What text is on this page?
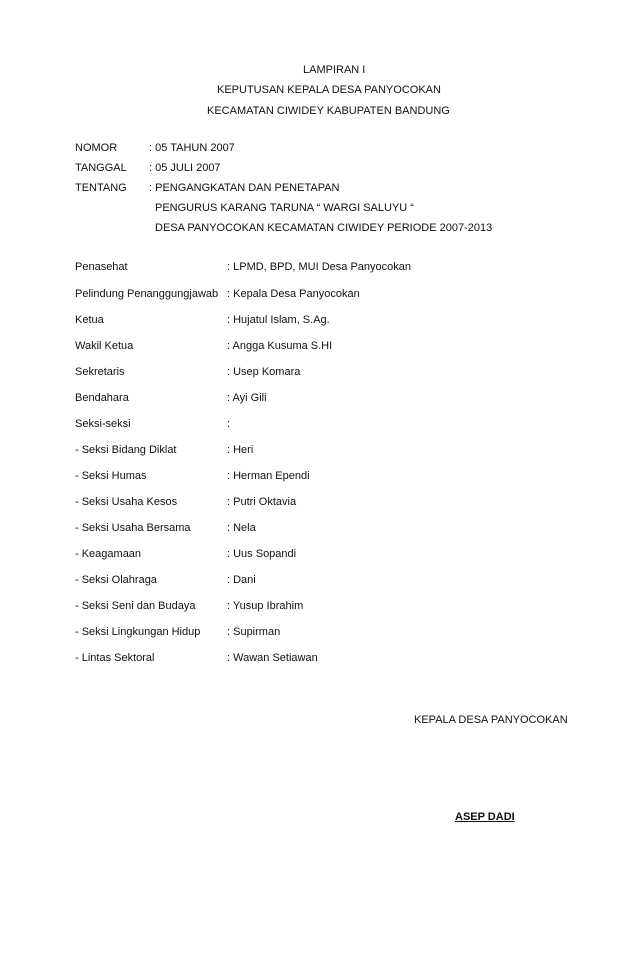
LAMPIRAN I
KEPUTUSAN KEPALA DESA PANYOCOKAN
KECAMATAN CIWIDEY KABUPATEN BANDUNG
NOMOR	: 05 TAHUN 2007
TANGGAL : 05 JULI 2007
TENTANG : PENGANGKATAN DAN PENETAPAN
PENGURUS KARANG TARUNA “ WARGI SALUYU “
DESA PANYOCOKAN KECAMATAN CIWIDEY PERIODE 2007-2013
Penasehat	: LPMD, BPD, MUI Desa Panyocokan
Pelindung Penanggungjawab : Kepala Desa Panyocokan
Ketua	: Hujatul Islam, S.Ag.
Wakil Ketua	: Angga Kusuma S.HI
Sekretaris	: Usep Komara
Bendahara	: Ayi Gili
Seksi-seksi	:
- Seksi Bidang Diklat	: Heri
- Seksi Humas	: Herman Ependi
- Seksi Usaha Kesos	: Putri Oktavia
- Seksi Usaha Bersama	: Nela
- Keagamaan	: Uus Sopandi
- Seksi Olahraga	: Dani
- Seksi Seni dan Budaya	: Yusup Ibrahim
- Seksi Lingkungan Hidup : Supirman
- Lintas Sektoral	: Wawan Setiawan
KEPALA DESA PANYOCOKAN
ASEP DADI
